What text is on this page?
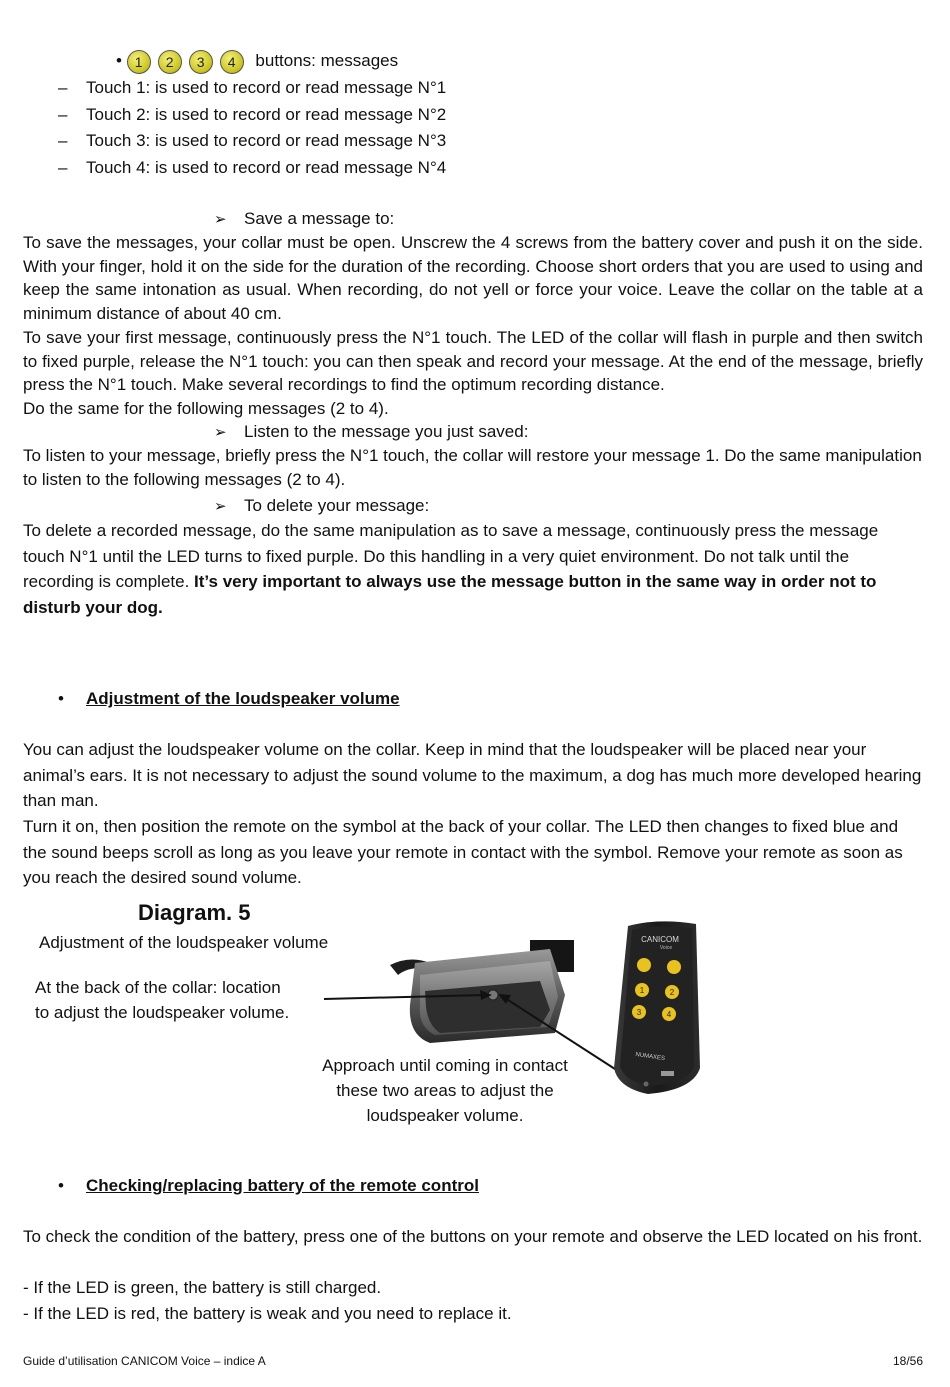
• 1 2 3 4 buttons: messages
– Touch 1: is used to record or read message N°1
– Touch 2: is used to record or read message N°2
– Touch 3: is used to record or read message N°3
– Touch 4: is used to record or read message N°4
➢ Save a message to:
To save the messages, your collar must be open. Unscrew the 4 screws from the battery cover and push it on the side. With your finger, hold it on the side for the duration of the recording. Choose short orders that you are used to using and keep the same intonation as usual. When recording, do not yell or force your voice. Leave the collar on the table at a minimum distance of about 40 cm.
To save your first message, continuously press the N°1 touch. The LED of the collar will flash in purple and then switch to fixed purple, release the N°1 touch: you can then speak and record your message. At the end of the message, briefly press the N°1 touch. Make several recordings to find the optimum recording distance.
Do the same for the following messages (2 to 4).
➢ Listen to the message you just saved:
To listen to your message, briefly press the N°1 touch, the collar will restore your message 1. Do the same manipulation to listen to the following messages (2 to 4).
➢ To delete your message:
To delete a recorded message, do the same manipulation as to save a message, continuously press the message touch N°1 until the LED turns to fixed purple. Do this handling in a very quiet environment. Do not talk until the recording is complete. It’s very important to always use the message button in the same way in order not to disturb your dog.
• Adjustment of the loudspeaker volume
You can adjust the loudspeaker volume on the collar. Keep in mind that the loudspeaker will be placed near your animal’s ears. It is not necessary to adjust the sound volume to the maximum, a dog has much more developed hearing than man.
Turn it on, then position the remote on the symbol at the back of your collar. The LED then changes to fixed blue and the sound beeps scroll as long as you leave your remote in contact with the symbol. Remove your remote as soon as you reach the desired sound volume.
Diagram. 5
Adjustment of the loudspeaker volume
At the back of the collar: location
to adjust the loudspeaker volume.
Approach until coming in contact
these two areas to adjust the
loudspeaker volume.
CANICOM
Voice
1	2
3	4
NUMAXES
• Checking/replacing battery of the remote control
To check the condition of the battery, press one of the buttons on your remote and observe the LED located on his front.
- If the LED is green, the battery is still charged.
- If the LED is red, the battery is weak and you need to replace it.
Guide d’utilisation CANICOM Voice – indice A	18/56
